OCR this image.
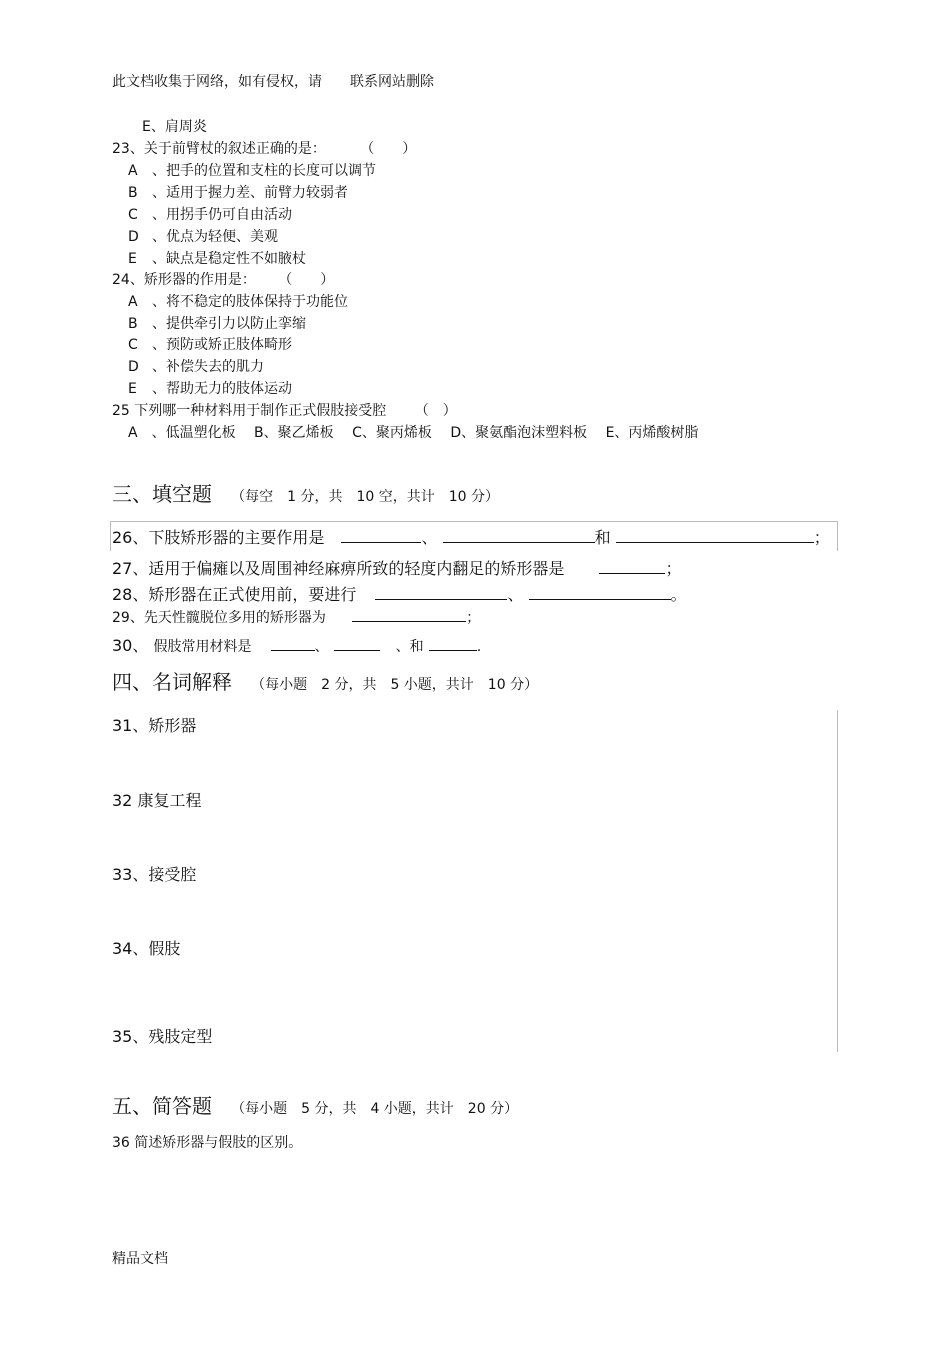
此文档收集于网络，如有侵权，请　　联系网站删除
E、肩周炎
23、关于前臂杖的叙述正确的是： （　　）
A 、把手的位置和支柱的长度可以调节
B 、适用于握力差、前臂力较弱者
C 、用拐手仍可自由活动
D 、优点为轻便、美观
E 、缺点是稳定性不如腋杖
24、矫形器的作用是： （　　）
A 、将不稳定的肢体保持于功能位
B 、提供牵引力以防止挛缩
C 、预防或矫正肢体畸形
D 、补偿失去的肌力
E 、帮助无力的肢体运动
25 下列哪一种材料用于制作正式假肢接受腔 （　）
A　、低温塑化板 B、聚乙烯板 C、聚丙烯板 D、聚氨酯泡沫塑料板 E、丙烯酸树脂
三、填空题 （每空　1 分，共　10 空，共计　10 分）
26、下肢矫形器的主要作用是	、	和	；
27、适用于偏瘫以及周围神经麻痹所致的轻度内翻足的矫形器是	；
28、矫形器在正式使用前，要进行	、	。
29、先天性髋脱位多用的矫形器为	；
30、 假肢常用材料是	、	、和	.
四、名词解释 （每小题　2 分，共　5 小题，共计　10 分）
31、矫形器
32 康复工程
33、接受腔
34、假肢
35、残肢定型
五、简答题 （每小题　5 分，共　4 小题，共计　20 分）
36 简述矫形器与假肢的区别。
精品文档
